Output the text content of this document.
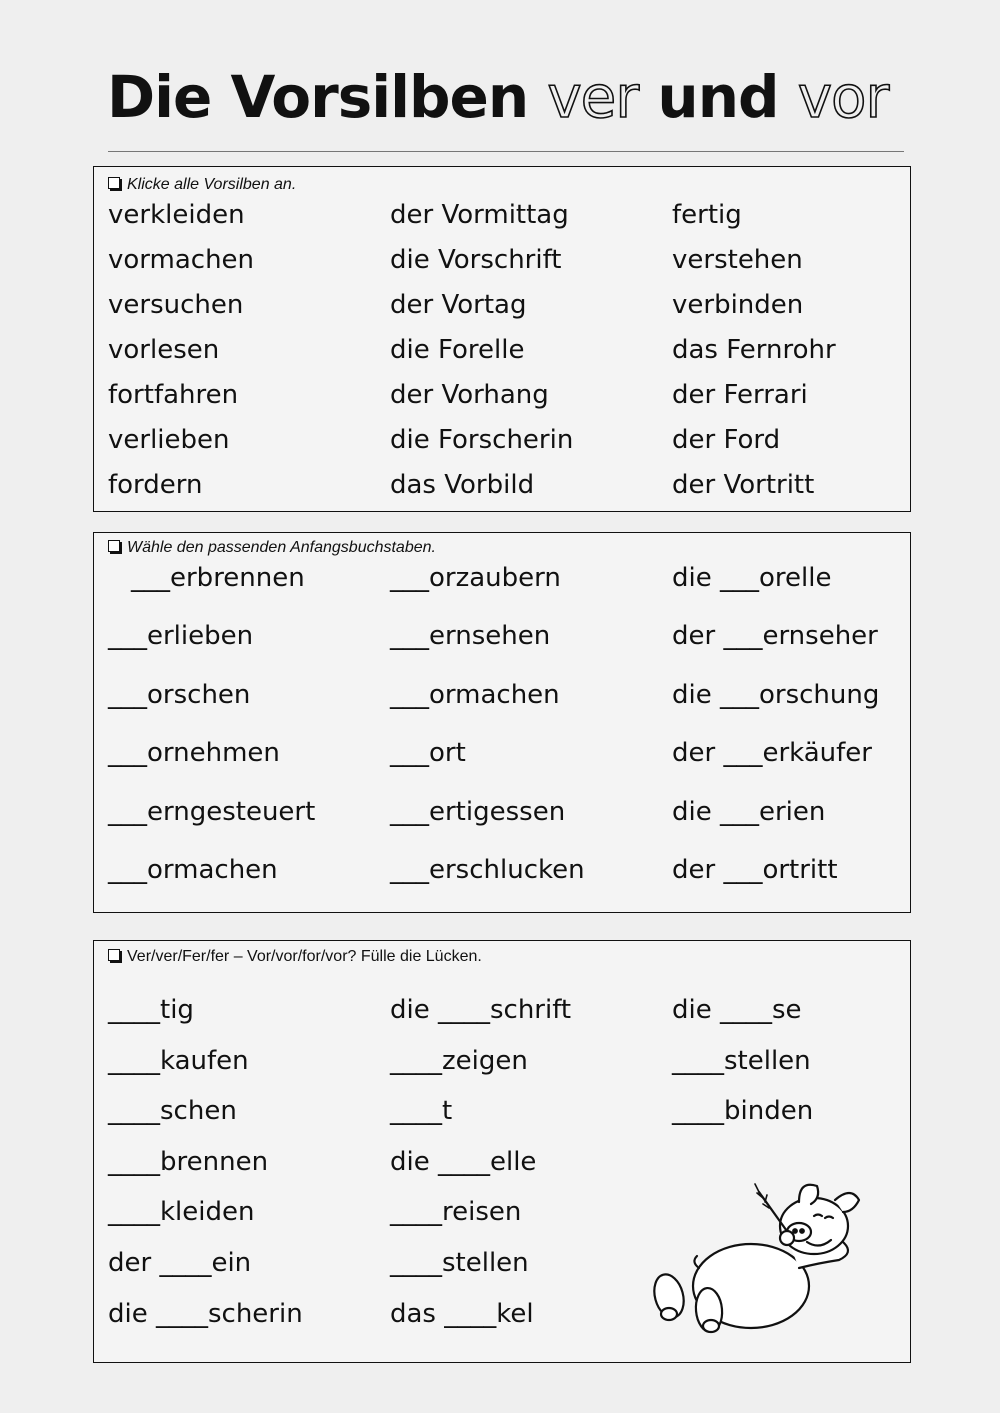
Die Vorsilben ver und vor
Klicke alle Vorsilben an.
verkleiden	der Vormittag	fertig
vormachen	die Vorschrift	verstehen
versuchen	der Vortag	verbinden
vorlesen	die Forelle	das Fernrohr
fortfahren	der Vorhang	der Ferrari
verlieben	die Forscherin	der Ford
fordern	das Vorbild	der Vortritt
Wähle den passenden Anfangsbuchstaben.
___erbrennen	___orzaubern	die ___orelle
___erlieben	___ernsehen	der ___ernseher
___orschen	___ormachen	die ___orschung
___ornehmen	___ort	der ___erkäufer
___erngesteuert	___ertigessen	die ___erien
___ormachen	___erschlucken	der ___ortritt
Ver/ver/Fer/fer – Vor/vor/for/vor? Fülle die Lücken.
____tig	die ____schrift	die ____se
____kaufen	____zeigen	____stellen
____schen	____t	____binden
____brennen	die ____elle
____kleiden	____reisen
der ____ein	____stellen
die ____scherin	das ____kel
